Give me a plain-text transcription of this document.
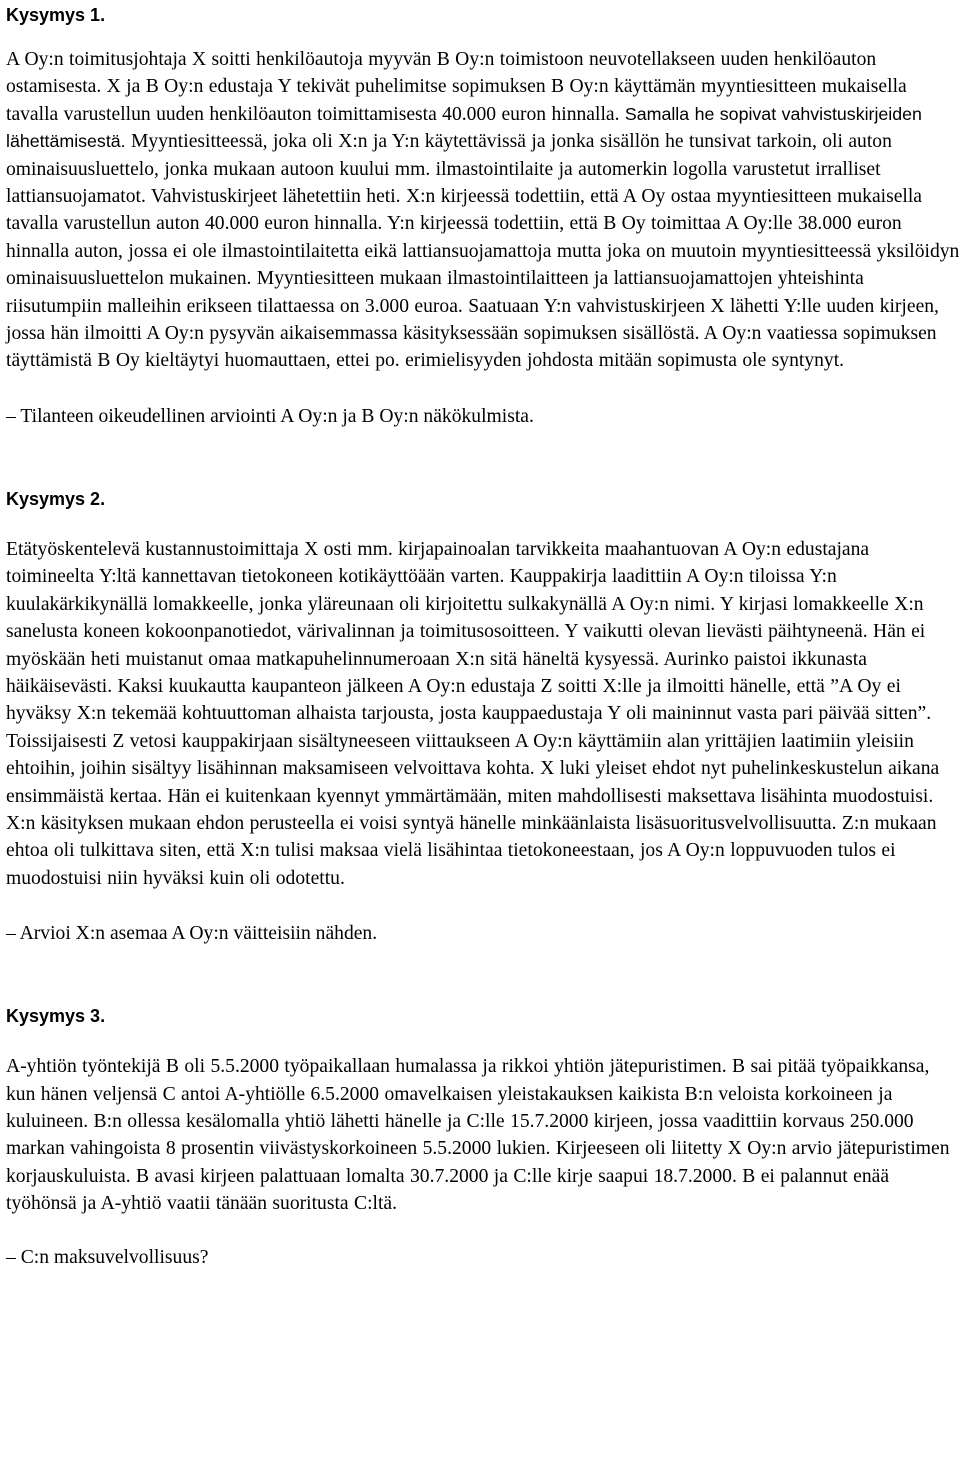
Kysymys 1.

A Oy:n toimitusjohtaja X soitti henkilöautoja myyvän B Oy:n toimistoon neuvotellakseen uuden henkilöauton ostamisesta. X ja B Oy:n edustaja Y tekivät puhelimitse sopimuksen B Oy:n käyttämän myyntiesitteen mukaisella tavalla varustellun uuden henkilöauton toimittamisesta 40.000 euron hinnalla. Samalla he sopivat vahvistuskirjeiden lähettämisestä. Myyntiesitteessä, joka oli X:n ja Y:n käytettävissä ja jonka sisällön he tunsivat tarkoin, oli auton ominaisuusluettelo, jonka mukaan autoon kuului mm. ilmastointilaite ja automerkin logolla varustetut irralliset lattiansuojamatot. Vahvistuskirjeet lähetettiin heti. X:n kirjeessä todettiin, että A Oy ostaa myyntiesitteen mukaisella tavalla varustellun auton 40.000 euron hinnalla. Y:n kirjeessä todettiin, että B Oy toimittaa A Oy:lle 38.000 euron hinnalla auton, jossa ei ole ilmastointilaitetta eikä lattiansuojamattoja mutta joka on muutoin myyntiesitteessä yksilöidyn ominaisuusluettelon mukainen. Myyntiesitteen mukaan ilmastointilaitteen ja lattiansuojamattojen yhteishinta riisutumpiin malleihin erikseen tilattaessa on 3.000 euroa. Saatuaan Y:n vahvistuskirjeen X lähetti Y:lle uuden kirjeen, jossa hän ilmoitti A Oy:n pysyvän aikaisemmassa käsityksessään sopimuksen sisällöstä. A Oy:n vaatiessa sopimuksen täyttämistä B Oy kieltäytyi huomauttaen, ettei po. erimielisyyden johdosta mitään sopimusta ole syntynyt.

– Tilanteen oikeudellinen arviointi A Oy:n ja B Oy:n näkökulmista.

Kysymys 2.

Etätyöskentelevä kustannustoimittaja X osti mm. kirjapainoalan tarvikkeita maahantuovan A Oy:n edustajana toimineelta Y:ltä kannettavan tietokoneen kotikäyttöään varten. Kauppakirja laadittiin A Oy:n tiloissa Y:n kuulakärkikynällä lomakkeelle, jonka yläreunaan oli kirjoitettu sulkakynällä A Oy:n nimi. Y kirjasi lomakkeelle X:n sanelusta koneen kokoonpanotiedot, värivalinnan ja toimitusosoitteen. Y vaikutti olevan lievästi päihtyneenä. Hän ei myöskään heti muistanut omaa matkapuhelinnumeroaan X:n sitä häneltä kysyessä. Aurinko paistoi ikkunasta häikäisevästi. Kaksi kuukautta kaupanteon jälkeen A Oy:n edustaja Z soitti X:lle ja ilmoitti hänelle, että ”A Oy ei hyväksy X:n tekemää kohtuuttoman alhaista tarjousta, josta kauppaedustaja Y oli maininnut vasta pari päivää sitten”. Toissijaisesti Z vetosi kauppakirjaan sisältyneeseen viittaukseen A Oy:n käyttämiin alan yrittäjien laatimiin yleisiin ehtoihin, joihin sisältyy lisähinnan maksamiseen velvoittava kohta. X luki yleiset ehdot nyt puhelinkeskustelun aikana ensimmäistä kertaa. Hän ei kuitenkaan kyennyt ymmärtämään, miten mahdollisesti maksettava lisähinta muodostuisi. X:n käsityksen mukaan ehdon perusteella ei voisi syntyä hänelle minkäänlaista lisäsuoritusvelvollisuutta. Z:n mukaan ehtoa oli tulkittava siten, että X:n tulisi maksaa vielä lisähintaa tietokoneestaan, jos A Oy:n loppuvuoden tulos ei muodostuisi niin hyväksi kuin oli odotettu.

– Arvioi X:n asemaa A Oy:n väitteisiin nähden.

Kysymys 3.

A-yhtiön työntekijä B oli 5.5.2000 työpaikallaan humalassa ja rikkoi yhtiön jätepuristimen. B sai pitää työpaikkansa, kun hänen veljensä C antoi A-yhtiölle 6.5.2000 omavelkaisen yleistakauksen kaikista B:n veloista korkoineen ja kuluineen. B:n ollessa kesälomalla yhtiö lähetti hänelle ja C:lle 15.7.2000 kirjeen, jossa vaadittiin korvaus 250.000 markan vahingoista 8 prosentin viivästyskorkoineen 5.5.2000 lukien. Kirjeeseen oli liitetty X Oy:n arvio jätepuristimen korjauskuluista. B avasi kirjeen palattuaan lomalta 30.7.2000 ja C:lle kirje saapui 18.7.2000. B ei palannut enää työhönsä ja A-yhtiö vaatii tänään suoritusta C:ltä.

– C:n maksuvelvollisuus?
